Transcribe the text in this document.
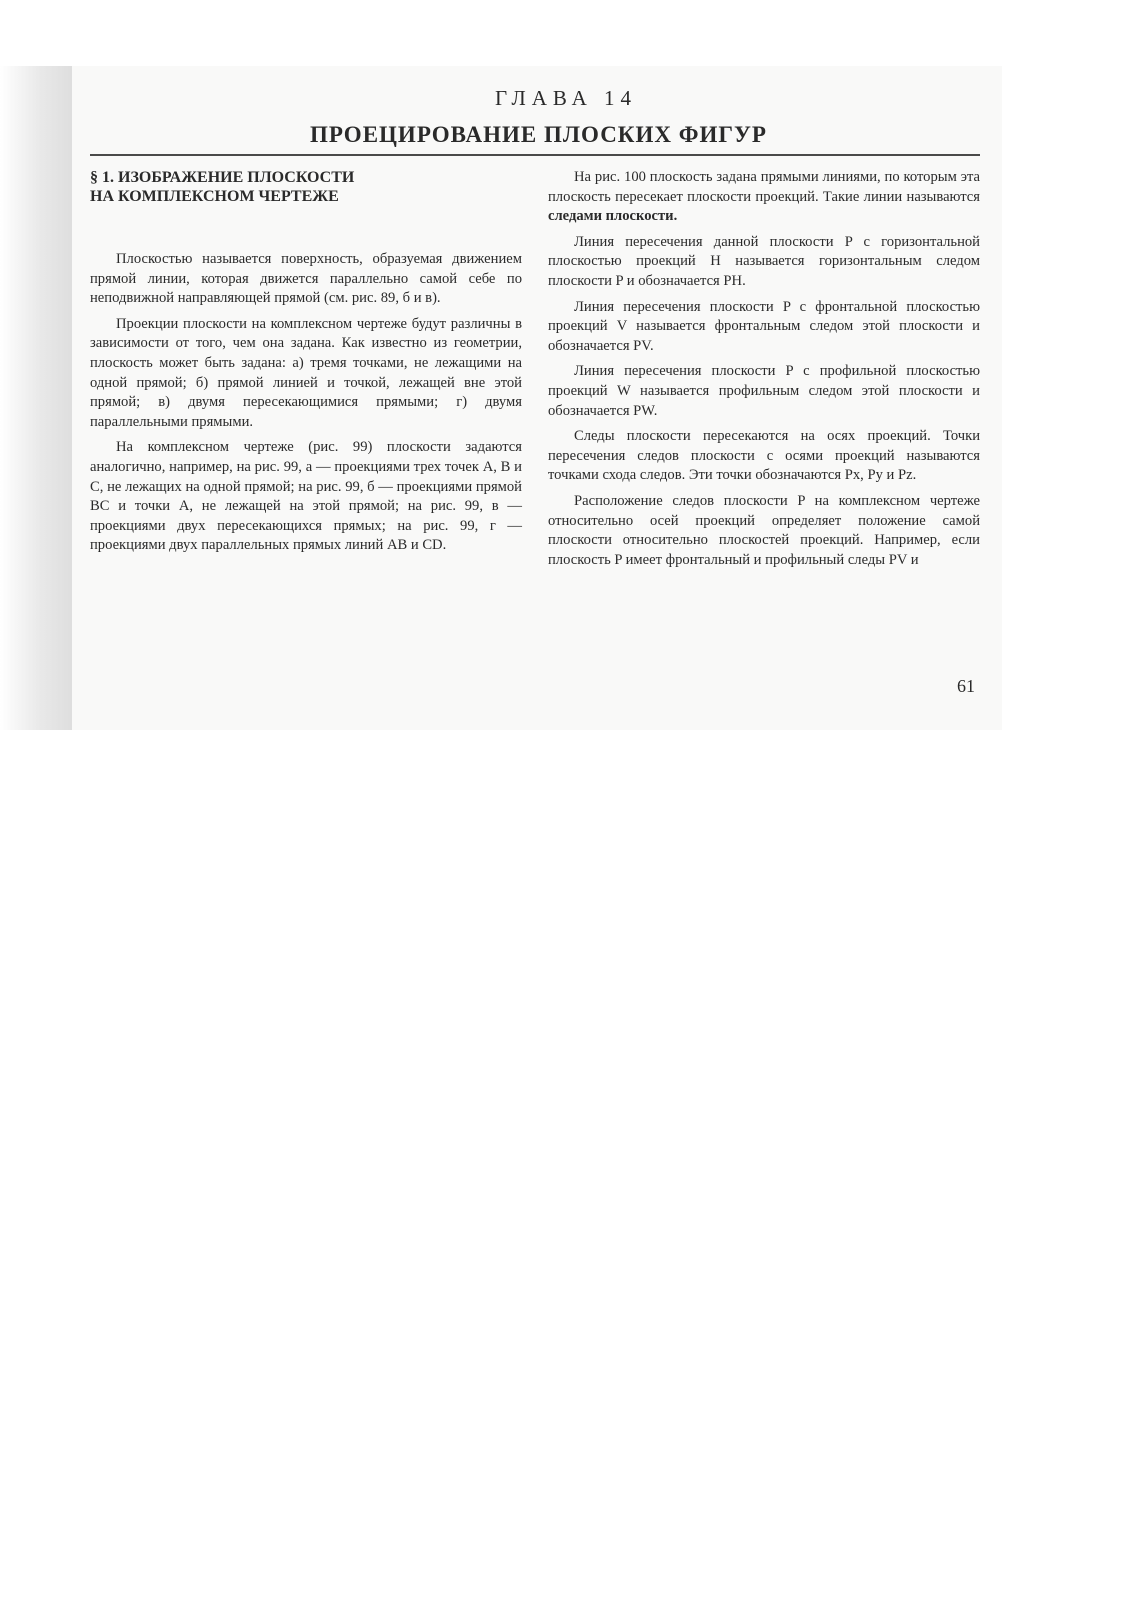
ГЛАВА 14
ПРОЕЦИРОВАНИЕ ПЛОСКИХ ФИГУР
§ 1. ИЗОБРАЖЕНИЕ ПЛОСКОСТИ
НА КОМПЛЕКСНОМ ЧЕРТЕЖЕ

Плоскостью называется поверхность, образуемая движением прямой линии, которая движется параллельно самой себе по неподвижной направляющей прямой (см. рис. 89, б и в).

Проекции плоскости на комплексном чертеже будут различны в зависимости от того, чем она задана. Как известно из геометрии, плоскость может быть задана: а) тремя точками, не лежащими на одной прямой; б) прямой линией и точкой, лежащей вне этой прямой; в) двумя пересекающимися прямыми; г) двумя параллельными прямыми.

На комплексном чертеже (рис. 99) плоскости задаются аналогично, например, на рис. 99, а — проекциями трех точек A, B и C, не лежащих на одной прямой; на рис. 99, б — проекциями прямой BC и точки A, не лежащей на этой прямой; на рис. 99, в — проекциями двух пересекающихся прямых; на рис. 99, г — проекциями двух параллельных прямых линий AB и CD.

На рис. 100 плоскость задана прямыми линиями, по которым эта плоскость пересекает плоскости проекций. Такие линии называются следами плоскости.

Линия пересечения данной плоскости P с горизонтальной плоскостью проекций H называется горизонтальным следом плоскости P и обозначается PH.

Линия пересечения плоскости P с фронтальной плоскостью проекций V называется фронтальным следом этой плоскости и обозначается PV.

Линия пересечения плоскости P с профильной плоскостью проекций W называется профильным следом этой плоскости и обозначается PW.

Следы плоскости пересекаются на осях проекций. Точки пересечения следов плоскости с осями проекций называются точками схода следов. Эти точки обозначаются Px, Py и Pz.

Расположение следов плоскости P на комплексном чертеже относительно осей проекций определяет положение самой плоскости относительно плоскостей проекций. Например, если плоскость P имеет фронтальный и профильный следы PV и

61
